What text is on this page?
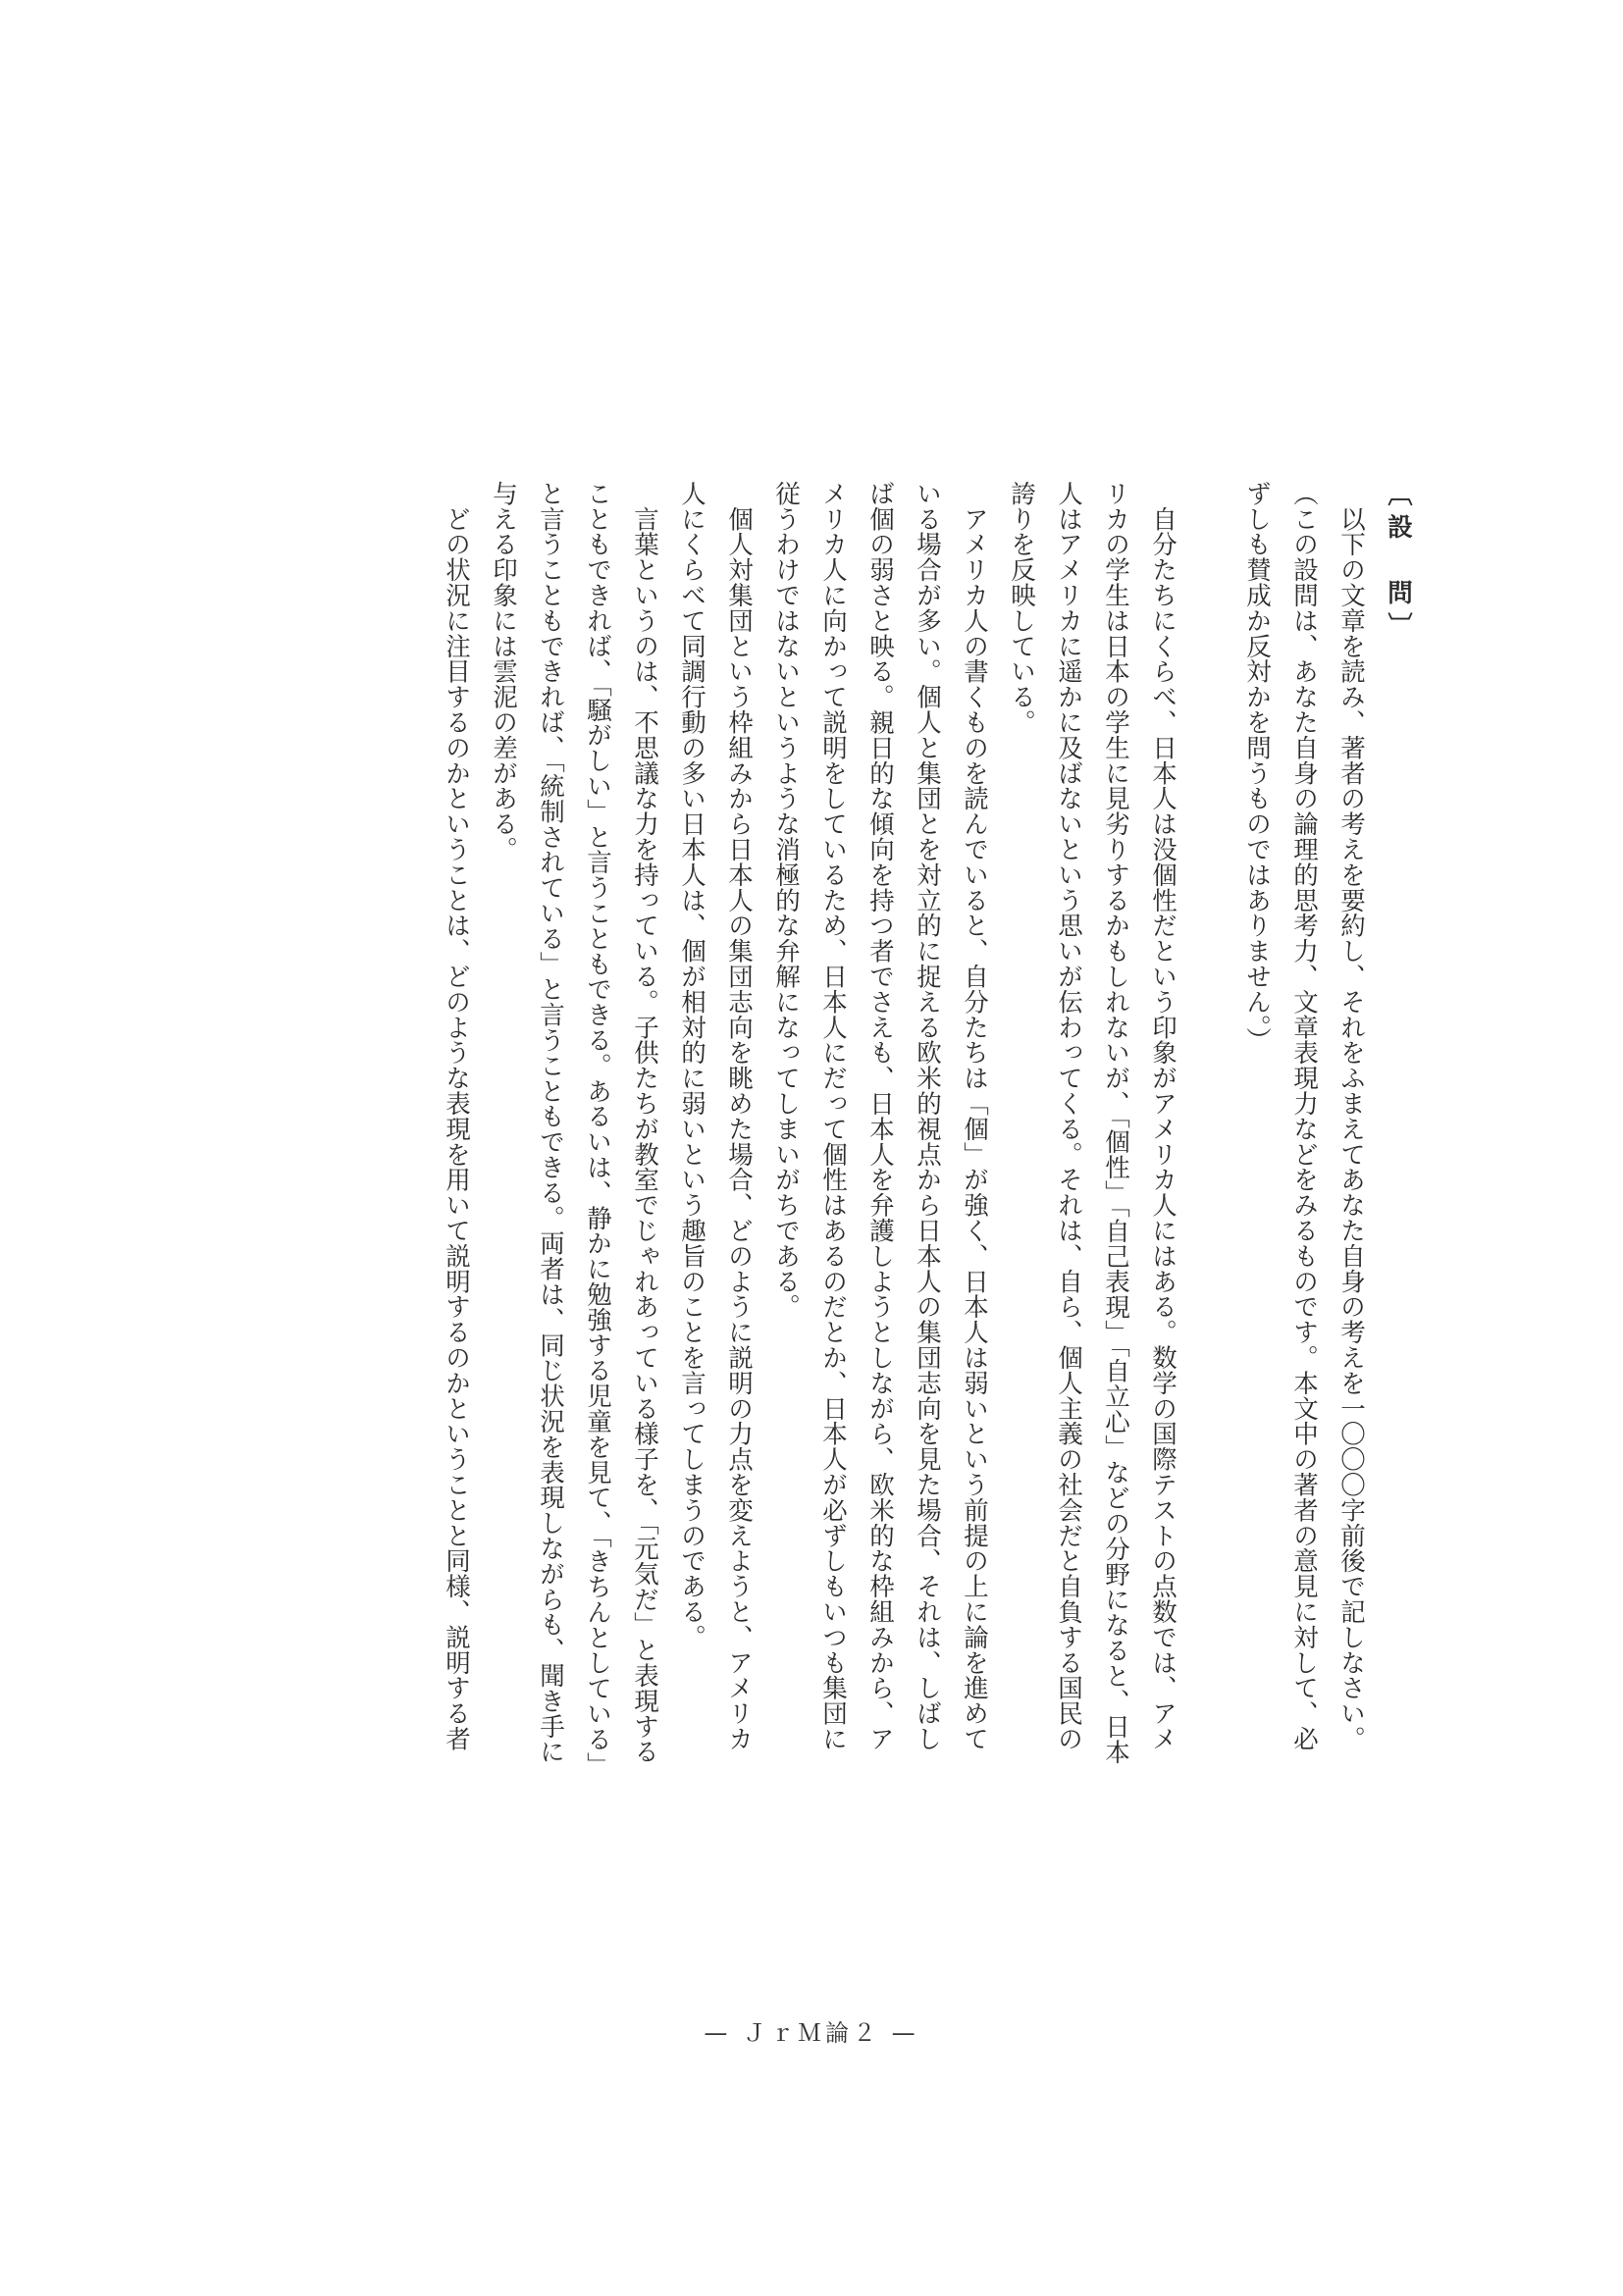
〔設　問〕
　以下の文章を読み、著者の考えを要約し、それをふまえてあなた自身の考えを一〇〇〇字前後で記しなさい。
（この設問は、あなた自身の論理的思考力、文章表現力などをみるものです。本文中の著者の意見に対して、必
ずしも賛成か反対かを問うものではありません。）
　自分たちにくらべ、日本人は没個性だという印象がアメリカ人にはある。数学の国際テストの点数では、アメ
リカの学生は日本の学生に見劣りするかもしれないが、「個性」「自己表現」「自立心」などの分野になると、日本
人はアメリカに遥かに及ばないという思いが伝わってくる。それは、自ら、個人主義の社会だと自負する国民の
誇りを反映している。
　アメリカ人の書くものを読んでいると、自分たちは「個」が強く、日本人は弱いという前提の上に論を進めて
いる場合が多い。個人と集団とを対立的に捉える欧米的視点から日本人の集団志向を見た場合、それは、しばし
ば個の弱さと映る。親日的な傾向を持つ者でさえも、日本人を弁護しようとしながら、欧米的な枠組みから、ア
メリカ人に向かって説明をしているため、日本人にだって個性はあるのだとか、日本人が必ずしもいつも集団に
従うわけではないというような消極的な弁解になってしまいがちである。
　個人対集団という枠組みから日本人の集団志向を眺めた場合、どのように説明の力点を変えようと、アメリカ
人にくらべて同調行動の多い日本人は、個が相対的に弱いという趣旨のことを言ってしまうのである。
　言葉というのは、不思議な力を持っている。子供たちが教室でじゃれあっている様子を、「元気だ」と表現する
こともできれば、「騒がしい」と言うこともできる。あるいは、静かに勉強する児童を見て、「きちんとしている」
と言うこともできれば、「統制されている」と言うこともできる。両者は、同じ状況を表現しながらも、聞き手に
与える印象には雲泥の差がある。
　どの状況に注目するのかということは、どのような表現を用いて説明するのかということと同様、説明する者
— ＪｒＭ論２ —
